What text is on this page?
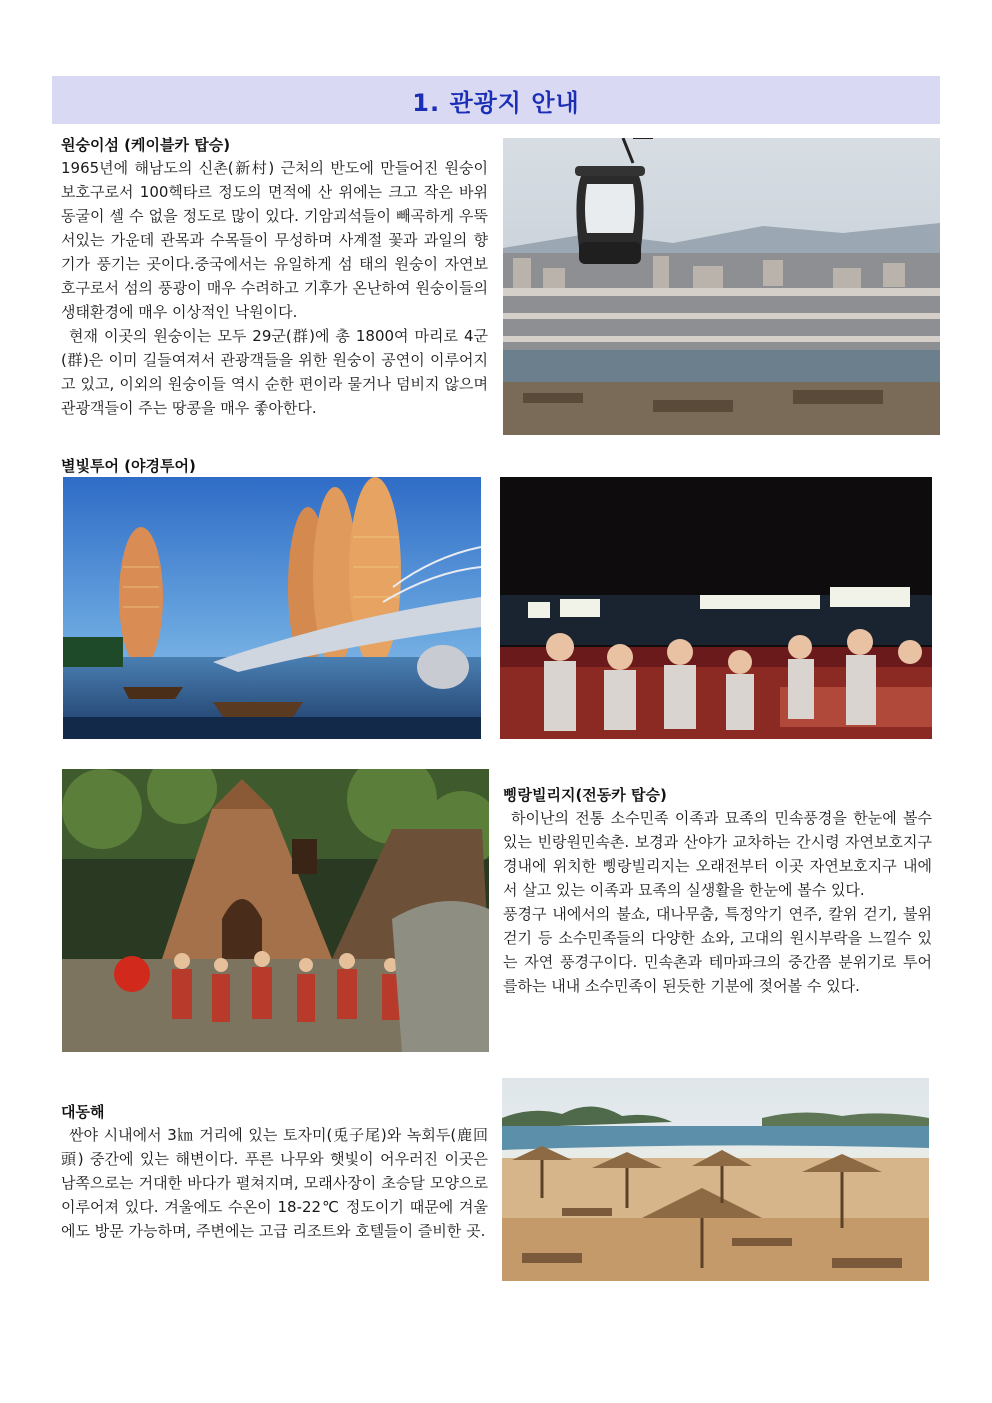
1. 관광지 안내
원숭이섬 (케이블카 탑승)

1965년에 해남도의 신촌(新村) 근처의 반도에 만들어진 원숭이 보호구로서 100헥타르 정도의 면적에 산 위에는 크고 작은 바위동굴이 셀 수 없을 정도로 많이 있다. 기암괴석들이 빼곡하게 우뚝 서있는 가운데 관목과 수목들이 무성하며 사계절 꽃과 과일의 향기가 풍기는 곳이다.중국에서는 유일하게 섬 태의 원숭이 자연보호구로서 섬의 풍광이 매우 수려하고 기후가 온난하여 원숭이들의 생태환경에 매우 이상적인 낙원이다.

현재 이곳의 원숭이는 모두 29군(群)에 총 1800여 마리로 4군(群)은 이미 길들여져서 관광객들을 위한 원숭이 공연이 이루어지고 있고, 이외의 원숭이들 역시 순한 편이라 물거나 덤비지 않으며 관광객들이 주는 땅콩을 매우 좋아한다.

별빛투어 (야경투어)
삥랑빌리지(전동카 탑승)

하이난의 전통 소수민족 이족과 묘족의 민속풍경을 한눈에 볼수 있는 빈랑원민속촌. 보경과 산야가 교차하는 간시령 자연보호지구경내에 위치한 삥랑빌리지는 오래전부터 이곳 자연보호지구 내에서 살고 있는 이족과 묘족의 실생활을 한눈에 볼수 있다.

풍경구 내에서의 불쇼, 대나무춤, 특정악기 연주, 칼위 걷기, 불위걷기 등 소수민족들의 다양한 쇼와, 고대의 원시부락을 느낄수 있는 자연 풍경구이다. 민속촌과 테마파크의 중간쯤 분위기로 투어를하는 내내 소수민족이 된듯한 기분에 젖어볼 수 있다.

대동해

싼야 시내에서 3㎞ 거리에 있는 토자미(兎子尾)와 녹회두(鹿回頭) 중간에 있는 해변이다. 푸른 나무와 햇빛이 어우러진 이곳은 남쪽으로는 거대한 바다가 펼쳐지며, 모래사장이 초승달 모양으로 이루어져 있다. 겨울에도 수온이 18-22℃ 정도이기 때문에 겨울에도 방문 가능하며, 주변에는 고급 리조트와 호텔들이 즐비한 곳.
